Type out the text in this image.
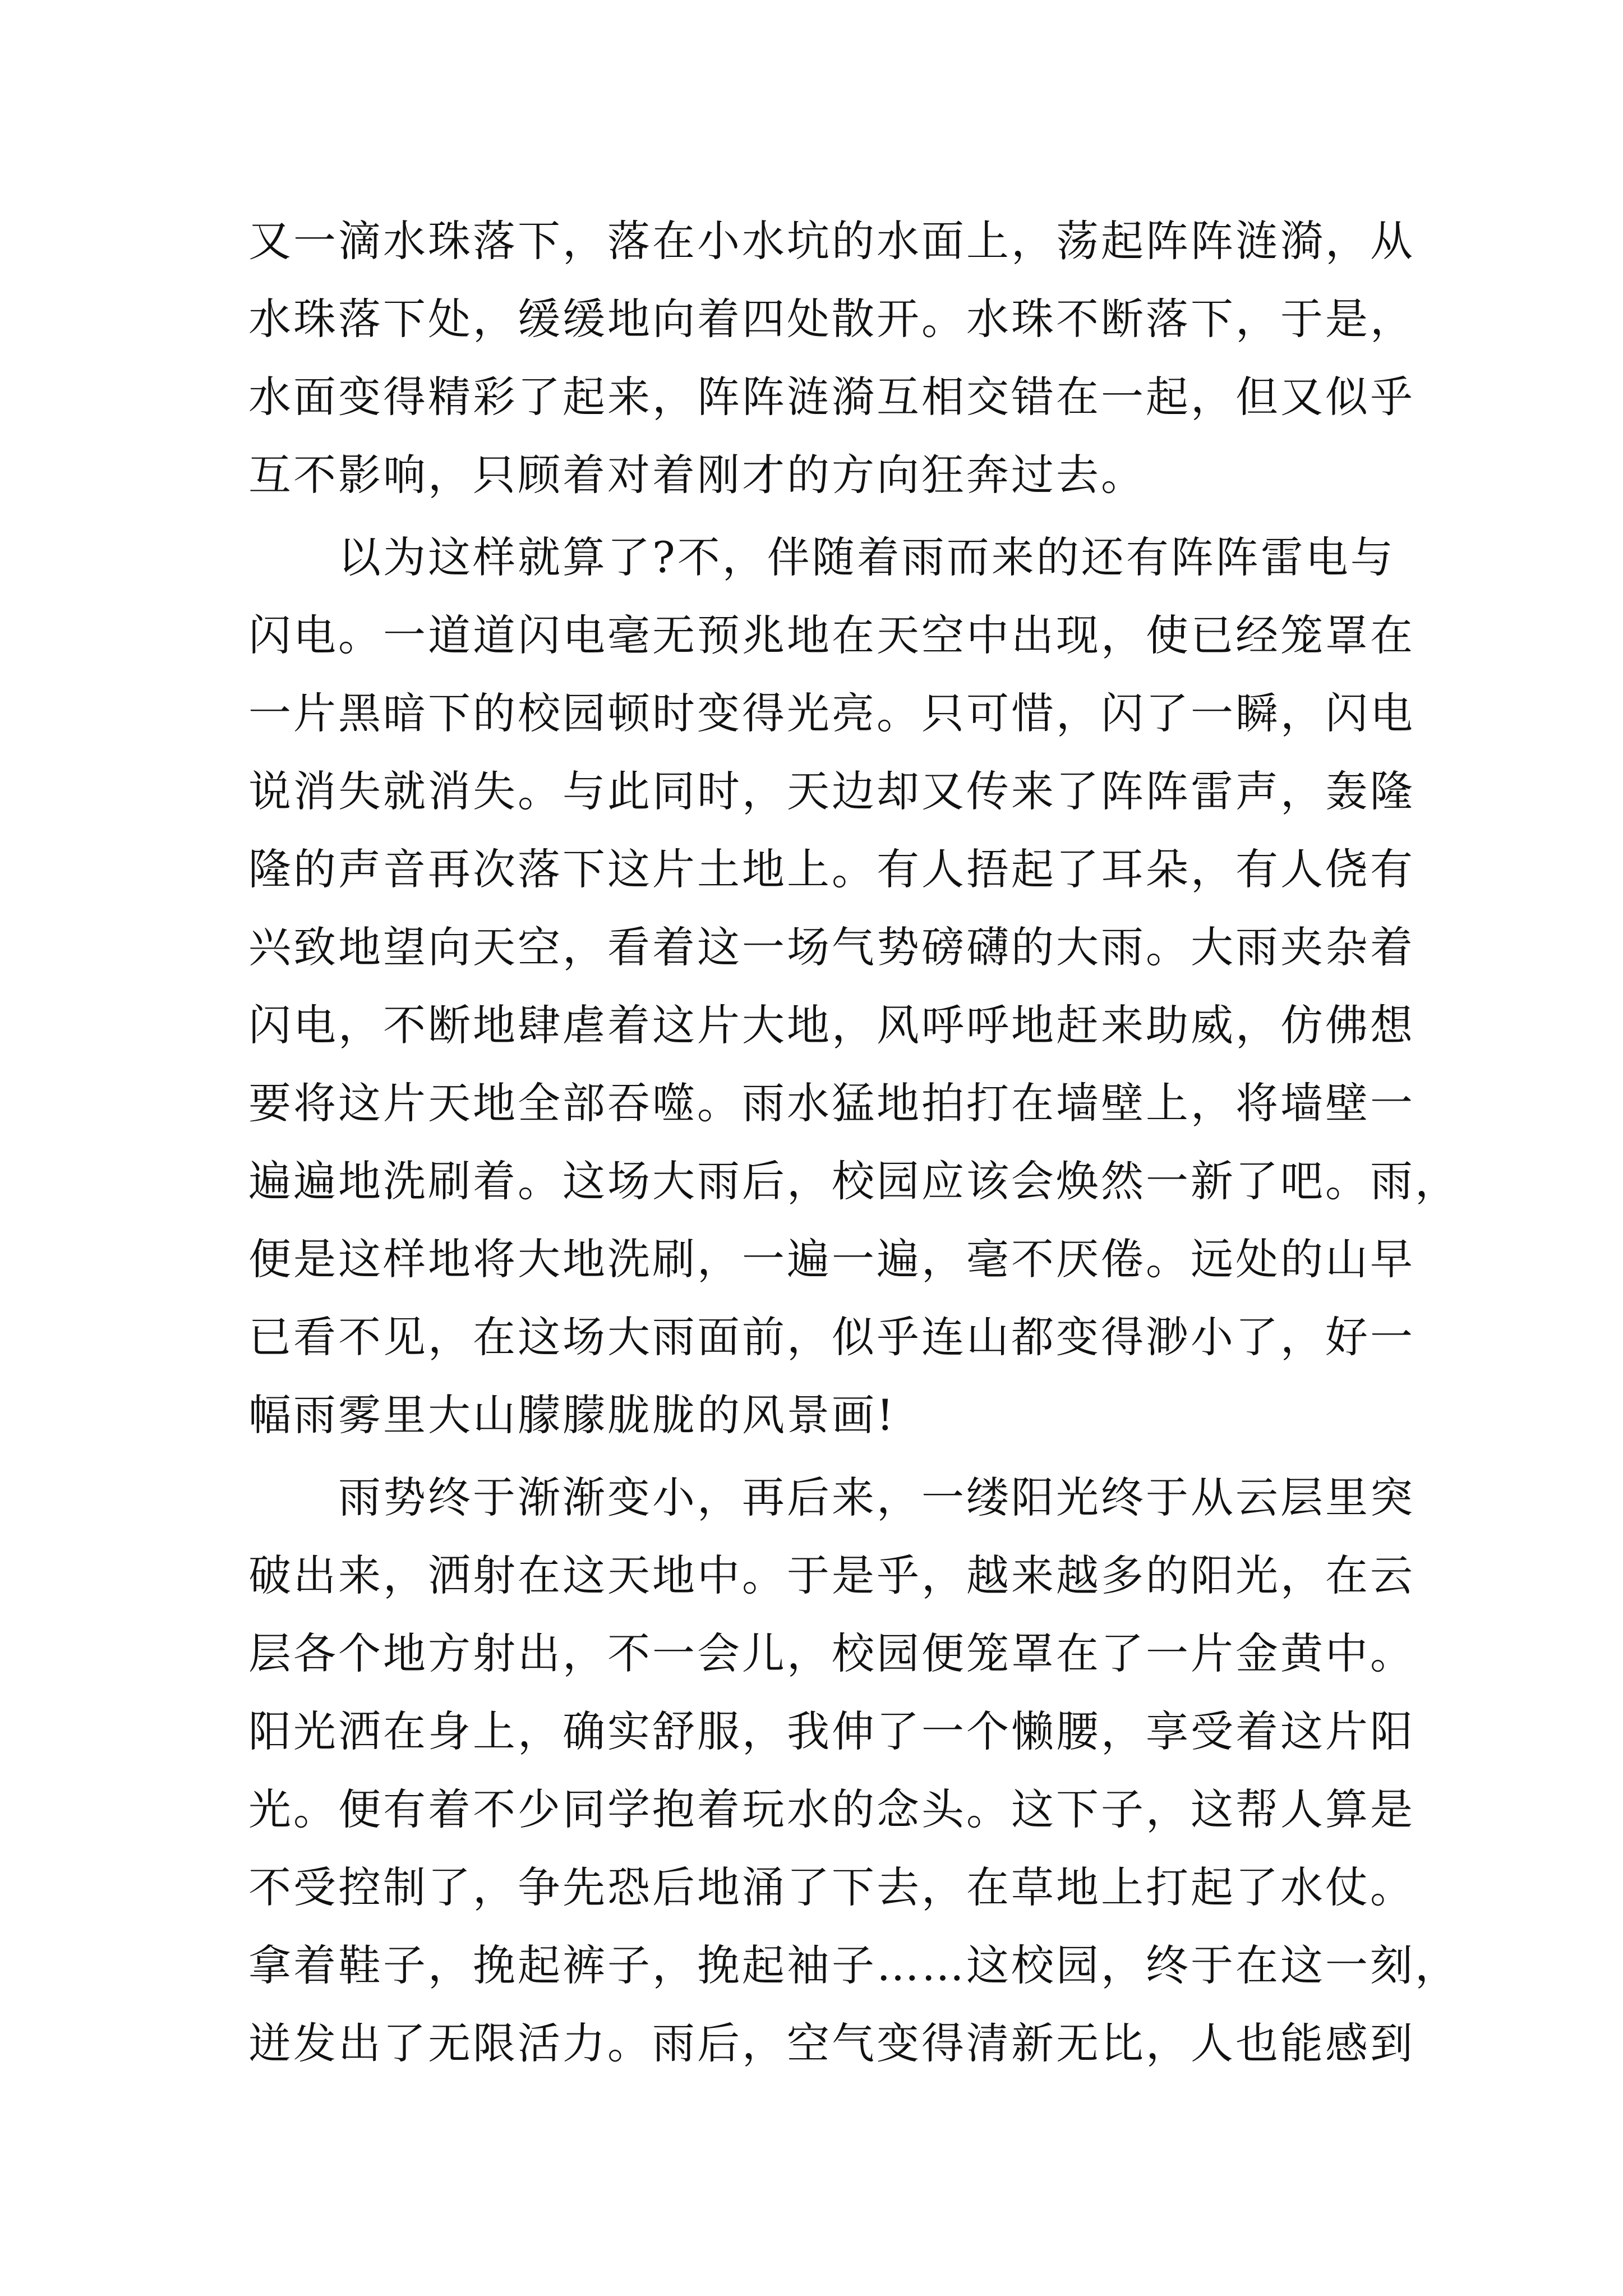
又一滴水珠落下，落在小水坑的水面上，荡起阵阵涟漪，从
水珠落下处，缓缓地向着四处散开。水珠不断落下，于是，
水面变得精彩了起来，阵阵涟漪互相交错在一起，但又似乎
互不影响，只顾着对着刚才的方向狂奔过去。
　　以为这样就算了?不，伴随着雨而来的还有阵阵雷电与
闪电。一道道闪电毫无预兆地在天空中出现，使已经笼罩在
一片黑暗下的校园顿时变得光亮。只可惜，闪了一瞬，闪电
说消失就消失。与此同时，天边却又传来了阵阵雷声，轰隆
隆的声音再次落下这片土地上。有人捂起了耳朵，有人侥有
兴致地望向天空，看着这一场气势磅礴的大雨。大雨夹杂着
闪电，不断地肆虐着这片大地，风呼呼地赶来助威，仿佛想
要将这片天地全部吞噬。雨水猛地拍打在墙壁上，将墙壁一
遍遍地洗刷着。这场大雨后，校园应该会焕然一新了吧。雨，
便是这样地将大地洗刷，一遍一遍，毫不厌倦。远处的山早
已看不见，在这场大雨面前，似乎连山都变得渺小了，好一
幅雨雾里大山朦朦胧胧的风景画!
　　雨势终于渐渐变小，再后来，一缕阳光终于从云层里突
破出来，洒射在这天地中。于是乎，越来越多的阳光，在云
层各个地方射出，不一会儿，校园便笼罩在了一片金黄中。
阳光洒在身上，确实舒服，我伸了一个懒腰，享受着这片阳
光。便有着不少同学抱着玩水的念头。这下子，这帮人算是
不受控制了，争先恐后地涌了下去，在草地上打起了水仗。
拿着鞋子，挽起裤子，挽起袖子……这校园，终于在这一刻，
迸发出了无限活力。雨后，空气变得清新无比，人也能感到
